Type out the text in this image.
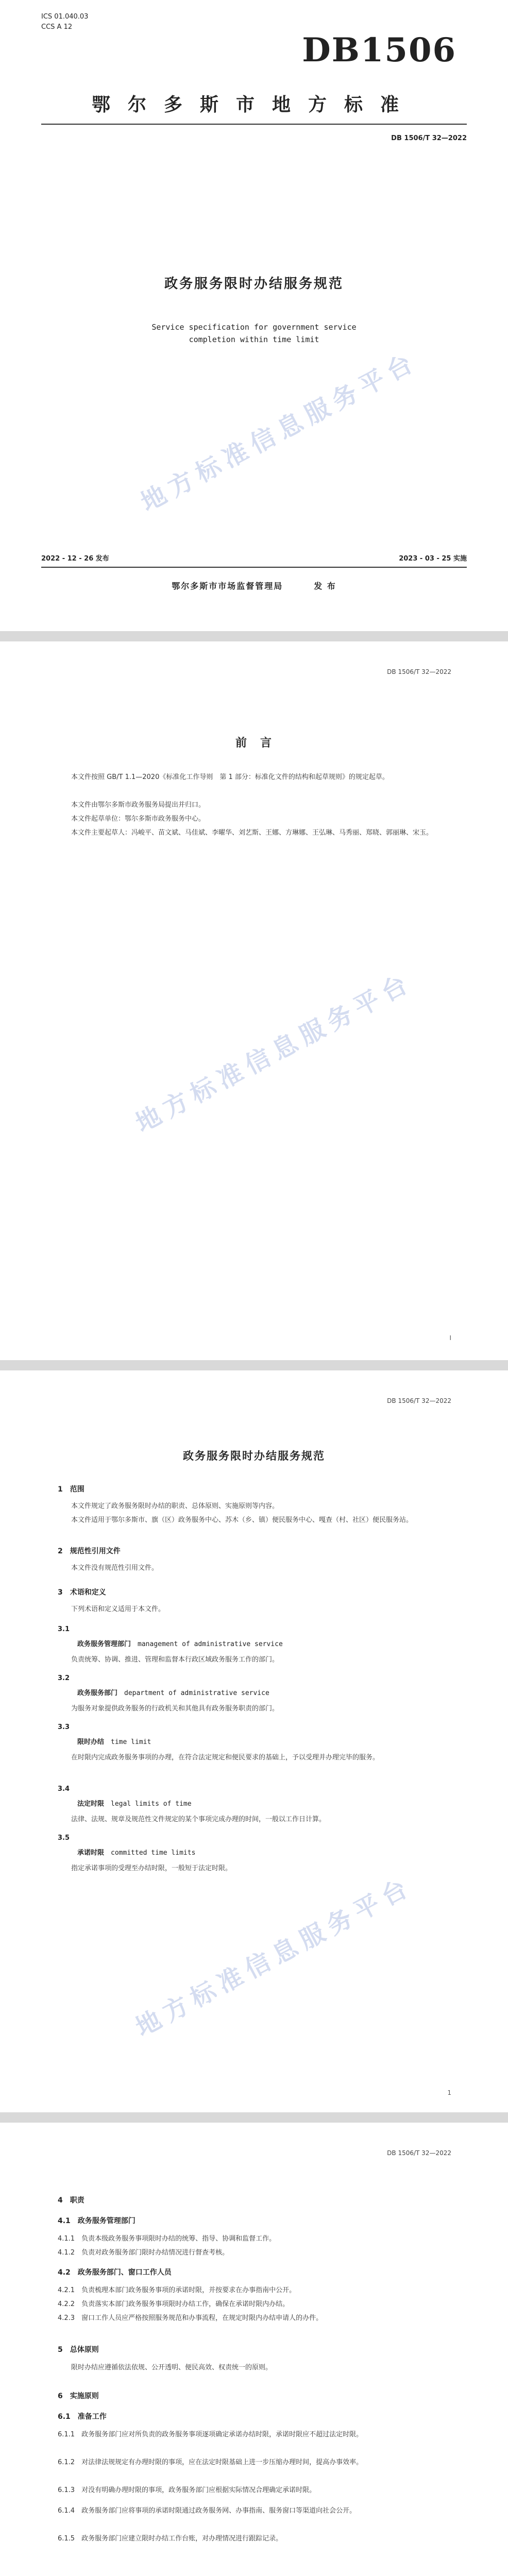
ICS 01.040.03
CCS A 12
DB1506
鄂尔多斯市地方标准
DB 1506/T 32—2022
政务服务限时办结服务规范
Service specification for government service
completion within time limit
地方标准信息服务平台
2022 - 12 - 26 发布	2023 - 03 - 25 实施
鄂尔多斯市市场监督管理局	发 布
DB 1506/T 32—2022
前　言
本文件按照 GB/T 1.1—2020《标准化工作导则　第 1 部分：标准化文件的结构和起草规则》的规定起草。
本文件由鄂尔多斯市政务服务局提出并归口。
本文件起草单位：鄂尔多斯市政务服务中心。
本文件主要起草人：冯峻平、苗文斌、马佳斌、李曜华、刘艺斯、王娜、方琳娜、王弘琳、马秀丽、郑晓、郭丽琳、宋玉。
地方标准信息服务平台
I
DB 1506/T 32—2022
政务服务限时办结服务规范
1　范围
本文件规定了政务服务限时办结的职责、总体原则、实施原则等内容。
本文件适用于鄂尔多斯市、旗（区）政务服务中心、苏木（乡、镇）便民服务中心、嘎查（村、社区）便民服务站。
2　规范性引用文件
本文件没有规范性引用文件。
3　术语和定义
下列术语和定义适用于本文件。
3.1
政务服务管理部门　 management of administrative service
负责统筹、协调、推进、管理和监督本行政区域政务服务工作的部门。
3.2
政务服务部门　 department of administrative service
为服务对象提供政务服务的行政机关和其他具有政务服务职责的部门。
3.3
限时办结　 time limit
在时限内完成政务服务事项的办理，在符合法定规定和便民要求的基础上，予以受理并办理完毕的服务。
3.4
法定时限　 legal limits of time
法律、法规、规章及规范性文件规定的某个事项完成办理的时间，一般以工作日计算。
3.5
承诺时限　 committed time limits
指定承诺事项的受理至办结时限，一般短于法定时限。
地方标准信息服务平台
1
DB 1506/T 32—2022
4　职责
4.1　政务服务管理部门
4.1.1　负责本级政务服务事项限时办结的统筹、指导、协调和监督工作。
4.1.2　负责对政务服务部门限时办结情况进行督查考核。
4.2　政务服务部门、窗口工作人员
4.2.1　负责梳理本部门政务服务事项的承诺时限，并按要求在办事指南中公开。
4.2.2　负责落实本部门政务服务事项限时办结工作，确保在承诺时限内办结。
4.2.3　窗口工作人员应严格按照服务规范和办事流程，在规定时限内办结申请人的办件。
5　总体原则
限时办结应遵循依法依规、公开透明、便民高效、权责统一的原则。
6　实施原则
6.1　准备工作
6.1.1　政务服务部门应对所负责的政务服务事项逐项确定承诺办结时限，承诺时限应不超过法定时限。
6.1.2　对法律法规规定有办理时限的事项，应在法定时限基础上进一步压缩办理时间，提高办事效率。
6.1.3　对没有明确办理时限的事项，政务服务部门应根据实际情况合理确定承诺时限。
6.1.4　政务服务部门应将事项的承诺时限通过政务服务网、办事指南、服务窗口等渠道向社会公开。
6.1.5　政务服务部门应建立限时办结工作台账，对办理情况进行跟踪记录。
